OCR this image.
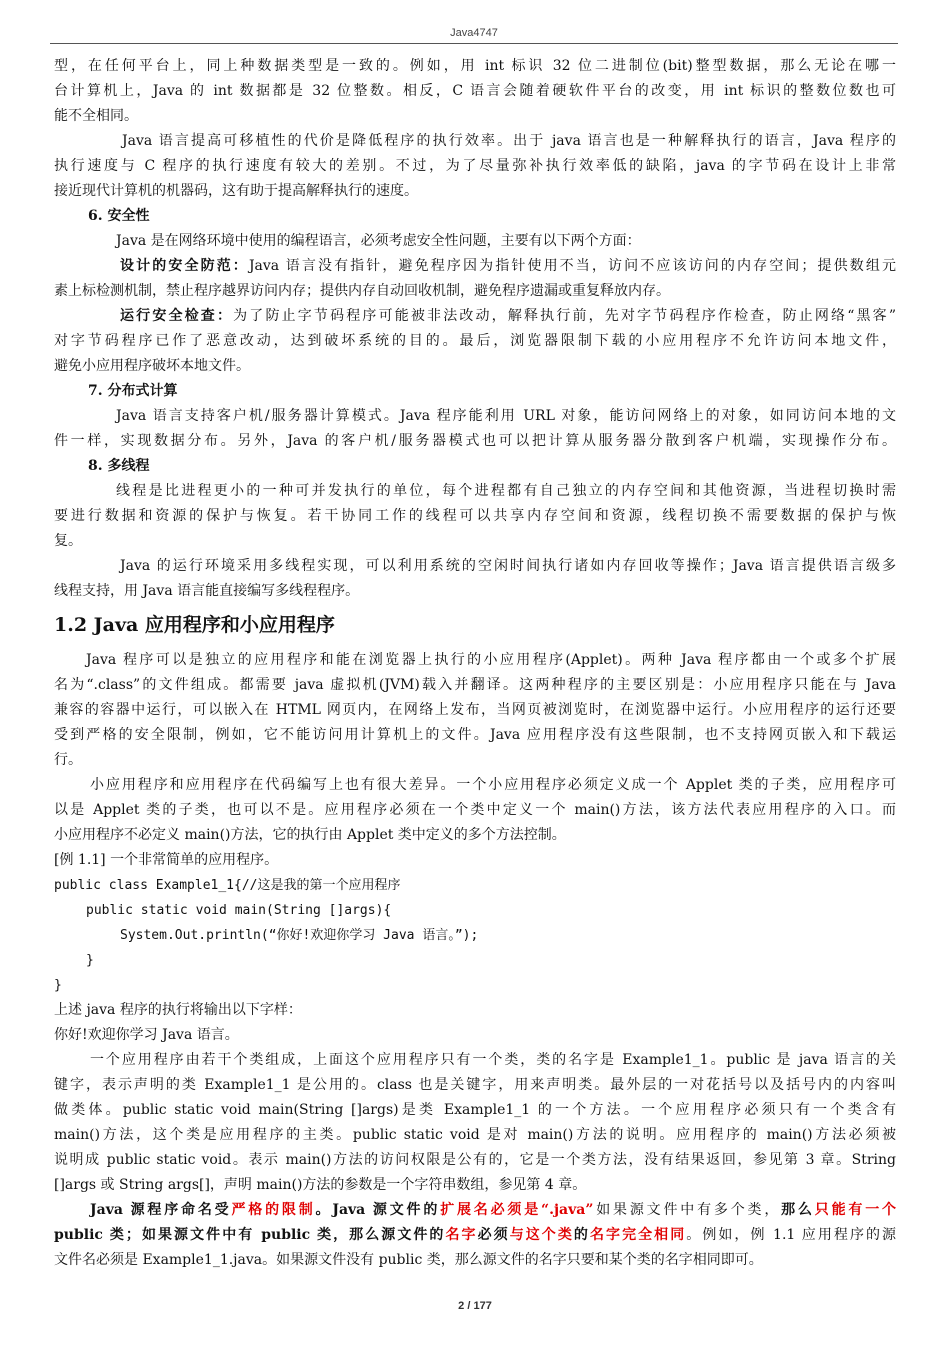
Java4747
型，在任何平台上，同上种数据类型是一致的。例如，用 int 标识 32 位二进制位(bit)整型数据，那么无论在哪一
台计算机上，Java 的 int 数据都是 32 位整数。相反，C 语言会随着硬软件平台的改变，用 int 标识的整数位数也可
能不全相同。
Java 语言提高可移植性的代价是降低程序的执行效率。出于 java 语言也是一种解释执行的语言，Java 程序的
执行速度与 C 程序的执行速度有较大的差别。不过，为了尽量弥补执行效率低的缺陷，java 的字节码在设计上非常
接近现代计算机的机器码，这有助于提高解释执行的速度。
6. 安全性
Java 是在网络环境中使用的编程语言，必须考虑安全性问题，主要有以下两个方面：
设计的安全防范：Java 语言没有指针，避免程序因为指针使用不当，访问不应该访问的内存空间；提供数组元
素上标检测机制，禁止程序越界访问内存；提供内存自动回收机制，避免程序遗漏或重复释放内存。
运行安全检查：为了防止字节码程序可能被非法改动，解释执行前，先对字节码程序作检查，防止网络“黑客”
对字节码程序已作了恶意改动，达到破坏系统的目的。最后，浏览器限制下载的小应用程序不允许访问本地文件，
避免小应用程序破坏本地文件。
7. 分布式计算
Java 语言支持客户机/服务器计算模式。Java 程序能利用 URL 对象，能访问网络上的对象，如同访问本地的文
件一样，实现数据分布。另外，Java 的客户机/服务器模式也可以把计算从服务器分散到客户机端，实现操作分布。
8. 多线程
线程是比进程更小的一种可并发执行的单位，每个进程都有自己独立的内存空间和其他资源，当进程切换时需
要进行数据和资源的保护与恢复。若干协同工作的线程可以共享内存空间和资源，线程切换不需要数据的保护与恢
复。
Java 的运行环境采用多线程实现，可以利用系统的空闲时间执行诸如内存回收等操作；Java 语言提供语言级多
线程支持，用 Java 语言能直接编写多线程程序。
1.2 Java 应用程序和小应用程序
Java 程序可以是独立的应用程序和能在浏览器上执行的小应用程序(Applet)。两种 Java 程序都由一个或多个扩展
名为“.class”的文件组成。都需要 java 虚拟机(JVM)载入并翻译。这两种程序的主要区别是：小应用程序只能在与 Java
兼容的容器中运行，可以嵌入在 HTML 网页内，在网络上发布，当网页被浏览时，在浏览器中运行。小应用程序的运行还要
受到严格的安全限制，例如，它不能访问用计算机上的文件。Java 应用程序没有这些限制，也不支持网页嵌入和下载运
行。
小应用程序和应用程序在代码编写上也有很大差异。一个小应用程序必须定义成一个 Applet 类的子类，应用程序可
以是 Applet 类的子类，也可以不是。应用程序必须在一个类中定义一个 main()方法，该方法代表应用程序的入口。而
小应用程序不必定义 main()方法，它的执行由 Applet 类中定义的多个方法控制。
[例 1.1] 一个非常简单的应用程序。
public class Example1_1{//这是我的第一个应用程序
public static void main(String []args){
System.Out.println(“你好!欢迎你学习 Java 语言。”);
}
}
上述 java 程序的执行将输出以下字样：
你好!欢迎你学习 Java 语言。
一个应用程序由若干个类组成，上面这个应用程序只有一个类，类的名字是 Example1_1。public 是 java 语言的关
键字，表示声明的类 Example1_1 是公用的。class 也是关键字，用来声明类。最外层的一对花括号以及括号内的内容叫
做类体。public static void main(String []args)是类 Example1_1 的一个方法。一个应用程序必须只有一个类含有
main()方法，这个类是应用程序的主类。public static void 是对 main()方法的说明。应用程序的 main()方法必须被
说明成 public static void。表示 main()方法的访问权限是公有的，它是一个类方法，没有结果返回，参见第 3 章。String
[]args 或 String args[]，声明 main()方法的参数是一个字符串数组，参见第 4 章。
Java 源程序命名受严格的限制。Java 源文件的扩展名必须是“.java”如果源文件中有多个类，那么只能有一个
public 类；如果源文件中有 public 类，那么源文件的名字必须与这个类的名字完全相同。例如，例 1.1 应用程序的源
文件名必须是 Example1_1.java。如果源文件没有 public 类，那么源文件的名字只要和某个类的名字相同即可。
2 / 177
